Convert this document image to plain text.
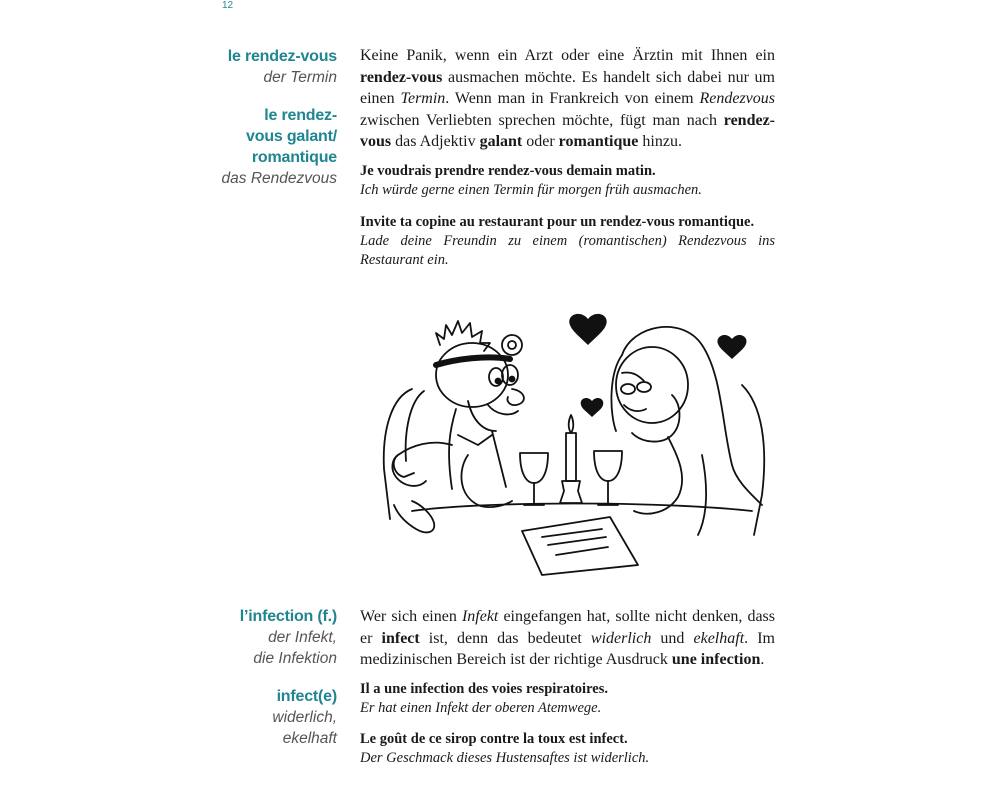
12
le rendez-vous
der Termin
le rendez-
vous galant/
romantique
das Rendezvous
Keine Panik, wenn ein Arzt oder eine Ärztin mit Ihnen ein rendez-vous ausmachen möchte. Es handelt sich dabei nur um einen Termin. Wenn man in Frankreich von einem Rendezvous zwischen Verliebten sprechen möchte, fügt man nach rendez-vous das Adjektiv galant oder romantique hinzu.

Je voudrais prendre rendez-vous demain matin.

Ich würde gerne einen Termin für morgen früh ausmachen.

Invite ta copine au restaurant pour un rendez-vous romantique.

Lade deine Freundin zu einem (romantischen) Rendezvous ins Restaurant ein.

l’infection (f.)
der Infekt,
die Infektion
infect(e)
widerlich,
ekelhaft
Wer sich einen Infekt eingefangen hat, sollte nicht denken, dass er infect ist, denn das bedeutet widerlich und ekelhaft. Im medizinischen Bereich ist der richtige Ausdruck une infection.

Il a une infection des voies respiratoires.

Er hat einen Infekt der oberen Atemwege.

Le goût de ce sirop contre la toux est infect.

Der Geschmack dieses Hustensaftes ist widerlich.
